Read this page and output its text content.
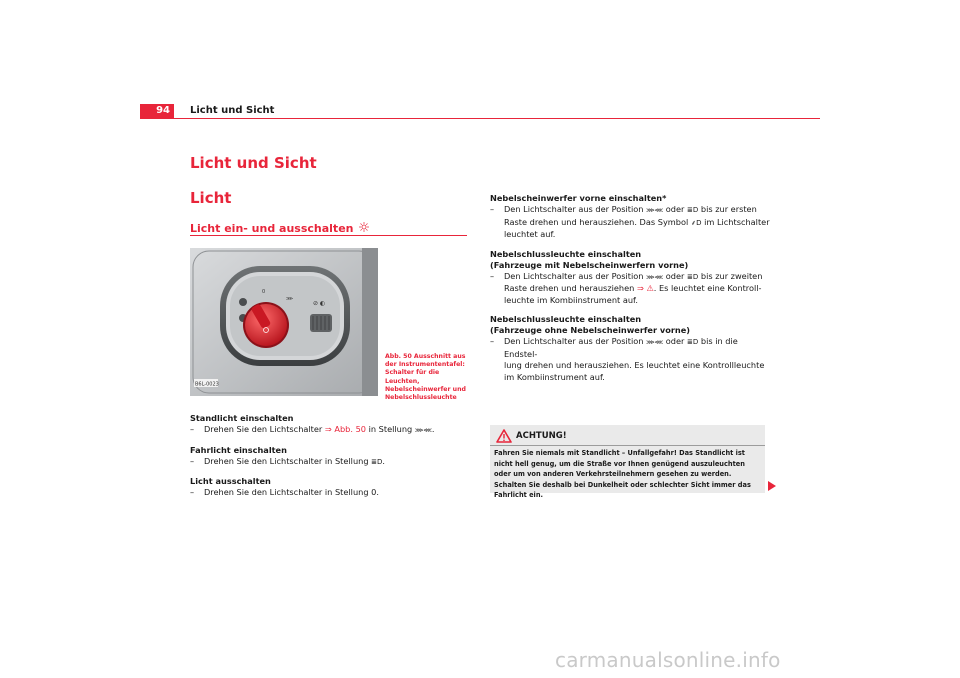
94	Licht und Sicht
Licht und Sicht
Licht
Licht ein- und ausschalten
0
⊘ ◐
⋙
B6L-0023
Abb. 50 Ausschnitt aus der Instrumententafel: Schalter für die Leuchten, Nebelscheinwerfer und Nebelschlussleuchte
Standlicht einschalten
– Drehen Sie den Lichtschalter ⇒ Abb. 50 in Stellung ⋙⋘.
Fahrlicht einschalten
– Drehen Sie den Lichtschalter in Stellung ≣D.
Licht ausschalten
– Drehen Sie den Lichtschalter in Stellung 0.
Nebelscheinwerfer vorne einschalten*
– Den Lichtschalter aus der Position ⋙⋘ oder ≣D bis zur ersten
Raste drehen und herausziehen. Das Symbol ⸙D im Lichtschalter
leuchtet auf.
Nebelschlussleuchte einschalten (Fahrzeuge mit Nebelscheinwerfern vorne)
– Den Lichtschalter aus der Position ⋙⋘ oder ≣D bis zur zweiten
Raste drehen und herausziehen ⇒ ⚠. Es leuchtet eine Kontroll-
leuchte im Kombiinstrument auf.
Nebelschlussleuchte einschalten (Fahrzeuge ohne Nebelscheinwerfer vorne)
– Den Lichtschalter aus der Position ⋙⋘ oder ≣D bis in die Endstel-
lung drehen und herausziehen. Es leuchtet eine Kontrollleuchte
im Kombiinstrument auf.
ACHTUNG!
Fahren Sie niemals mit Standlicht – Unfallgefahr! Das Standlicht ist nicht hell genug, um die Straße vor Ihnen genügend auszuleuchten oder um von anderen Verkehrsteilnehmern gesehen zu werden. Schalten Sie deshalb bei Dunkelheit oder schlechter Sicht immer das Fahrlicht ein.
carmanualsonline.info
